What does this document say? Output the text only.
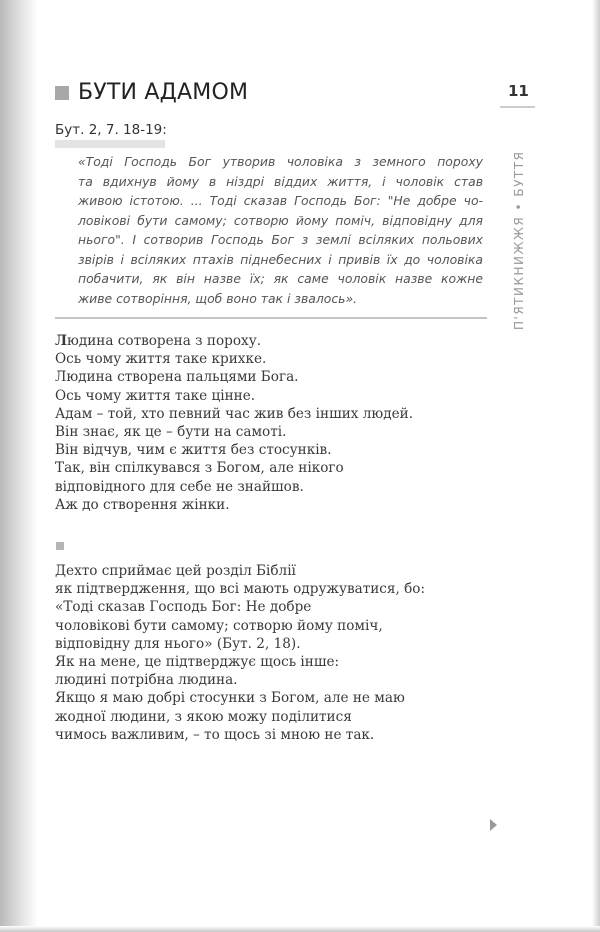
БУТИ АДАМОМ	11
П'ЯТИКНИЖЖЯ • БУТТЯ
Бут. 2, 7. 18-19:
«Тоді Господь Бог утворив чоловіка з земного пороху
та вдихнув йому в ніздрі віддих життя, і чоловік став
живою істотою. ... Тоді сказав Господь Бог: "Не добре чо-
ловікові бути самому; сотворю йому поміч, відповідну для
нього". І сотворив Господь Бог з землі всіляких польових
звірів і всіляких птахів піднебесних і привів їх до чоловіка
побачити, як він назве їх; як саме чоловік назве кожне
живе сотворіння, щоб воно так і звалось».
Людина сотворена з пороху.
Ось чому життя таке крихке.
Людина створена пальцями Бога.
Ось чому життя таке цінне.
Адам – той, хто певний час жив без інших людей.
Він знає, як це – бути на самоті.
Він відчув, чим є життя без стосунків.
Так, він спілкувався з Богом, але нікого
відповідного для себе не знайшов.
Аж до створення жінки.
Дехто сприймає цей розділ Біблії
як підтвердження, що всі мають одружуватися, бо:
«Тоді сказав Господь Бог: Не добре
чоловікові бути самому; сотворю йому поміч,
відповідну для нього» (Бут. 2, 18).
Як на мене, це підтверджує щось інше:
людині потрібна людина.
Якщо я маю добрі стосунки з Богом, але не маю
жодної людини, з якою можу поділитися
чимось важливим, – то щось зі мною не так.
